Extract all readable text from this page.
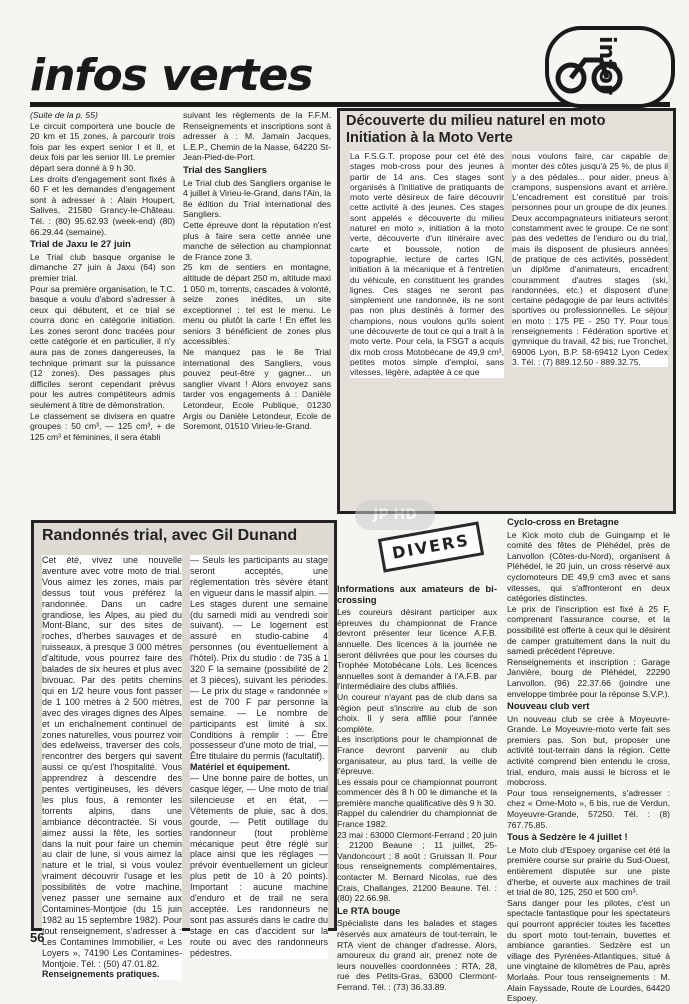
infos vertes	infor

(Suite de la p. 55)

Le circuit comportera une boucle de 20 km et 15 zones, à parcourir trois fois par les expert senior I et II, et deux fois par les senior III. Le premier départ sera donné à 9 h 30.

Les droits d'engagement sont fixés à 60 F et les demandes d'engagement sont à adresser à : Alain Houpert, Salives, 21580 Grancy-le-Château. Tél. : (80) 95.62.93 (week-end) (80) 66.29.44 (semaine).

Trial de Jaxu le 27 juin

Le Trial club basque organise le dimanche 27 juin à Jaxu (64) son premier trial.

Pour sa première organisation, le T.C. basque a voulu d'abord s'adresser à ceux qui débutent, et ce trial se courra donc en catégorie initiation. Les zones seront donc tracées pour cette catégorie et en particulier, il n'y aura pas de zones dangereuses, la technique primant sur la puissance (12 zones). Des passages plus difficiles seront cependant prévus pour les autres compétiteurs admis seulement à titre de démonstration.

Le classement se divisera en quatre groupes : 50 cm³, — 125 cm³, + de 125 cm³ et féminines, il sera établi

suivant les règlements de la F.F.M. Renseignements et inscriptions sont à adresser à : M. Jamain Jacques, L.E.P., Chemin de la Nasse, 64220 St-Jean-Pied-de-Port.

Trial des Sangliers

Le Trial club des Sangliers organise le 4 juillet à Virieu-le-Grand, dans l'Ain, la 8e édition du Trial international des Sangliers.

Cette épreuve dont la réputation n'est plus à faire sera cette année une manche de sélection au championnat de France zone 3.

25 km de sentiers en montagne, altitude de départ 250 m, altitude maxi 1 050 m, torrents, cascades à volonté, seize zones inédites, un site exceptionnel : tel est le menu. Le menu ou plutôt la carte ! En effet les seniors 3 bénéficient de zones plus accessibles.

Ne manquez pas le 8e Trial international des Sangliers, vous pouvez peut-être y gagner... un sanglier vivant ! Alors envoyez sans tarder vos engagements à : Danièle Letondeur, Ecole Publique, 01230 Argis ou Danièle Letondeur, Ecole de Soremont, 01510 Virieu-le-Grand.

Découverte du milieu naturel en moto Initiation à la Moto Verte
La F.S.G.T. propose pour cet été des stages mob-cross pour des jeunes à partir de 14 ans. Ces stages sont organisés à l'initiative de pratiquants de moto verte désireux de faire découvrir cette activité à des jeunes. Ces stages sont appelés « découverte du milieu naturel en moto », initiation à la moto verte, découverte d'un itinéraire avec carte et boussole, notion de topographie, lecture de cartes IGN, initiation à la mécanique et à l'entretien du véhicule, en constituent les grandes lignes. Ces stages ne seront pas simplement une randonnée, ils ne sont pas non plus destinés à former des champions, nous voulons qu'ils soient une découverte de tout ce qui a trait à la moto verte. Pour cela, la FSGT a acquis dix mob cross Motobécane de 49,9 cm³, petites motos simple d'emploi, sans vitesses, légère, adaptée à ce que
nous voulons faire, car capable de monter des côtes jusqu'à 25 %, de plus il y a des pédales... pour aider, pneus à crampons, suspensions avant et arrière. L'encadrement est constitué par trois personnes pour un groupe de dix jeunes. Deux accompagnateurs initiateurs seront constamment avec le groupe. Ce ne sont pas des vedettes de l'enduro ou du trial, mais ils disposent de plusieurs années de pratique de ces activités, possèdent un diplôme d'animateurs, encadrent couramment d'autres stages (ski, randonnées, etc.) et disposent d'une certaine pédagogie de par leurs activités sportives ou professionnelles. Le séjour en moto : 175 PE - 250 TY. Pour tous renseignements : Fédération sportive et gymnique du travail, 42 bis, rue Tronchet, 69006 Lyon, B.P. 58-69412 Lyon Cedex 3. Tél. : (7) 889.12.50 - 889.32.75.
JP HD
DIVERS
Informations aux amateurs de bi-crossing

Les coureurs désirant participer aux épreuves du championnat de France devront présenter leur licence A.F.B. annuelle. Des licences à la journée ne seront délivrées que pour les courses du Trophée Motobécane Lols. Les licences annuelles sont à demander à l'A.F.B. par l'intermédiaire des clubs affiliés.

Un coureur n'ayant pas de club dans sa région peut s'inscrire au club de son choix. Il y sera affilié pour l'année complète.

Les inscriptions pour le championnat de France devront parvenir au club organisateur, au plus tard, la veille de l'épreuve.

Les essais pour ce championnat pourront commencer dès 8 h 00 le dimanche et la première manche qualificative dès 9 h 30.

Rappel du calendrier du championnat de France 1982.

23 mai : 63000 Clermont-Ferrand ; 20 juin : 21200 Beaune ; 11 juillet, 25-Vandoncourt ; 8 août : Gruissan II. Pour tous renseignements complémentaires, contacter M. Bernard Nicolas, rue des Crais, Challanges, 21200 Beaune. Tél. : (80) 22.66.98.

Le RTA bouge

Spécialiste dans les balades et stages réservés aux amateurs de tout-terrain, le RTA vient de changer d'adresse. Alors, amoureux du grand air, prenez note de leurs nouvelles coordonnées : RTA, 28, rue des Petits-Gras, 63000 Clermont-Ferrand. Tél. : (73) 36.33.89.

Cyclo-cross en Bretagne

Le Kick moto club de Guingamp et le comité des fêtes de Pléhédel, près de Lanvollon (Côtes-du-Nord), organisent à Pléhédel, le 20 juin, un cross réservé aux cyclomoteurs DE 49,9 cm3 avec et sans vitesses, qui s'affronteront en deux catégories distinctes.

Le prix de l'inscription est fixé à 25 F, comprenant l'assurance course, et la possibilité est offerte à ceux qui le désirent de camper gratuitement dans la nuit du samedi précédent l'épreuve.

Renseignements et inscription : Garage Janvière, bourg de Pléhédel, 22290 Lanvollon. (96) 22.37.66 (joindre une enveloppe timbrée pour la réponse S.V.P.).

Nouveau club vert

Un nouveau club se crée à Moyeuvre-Grande. Le Moyeuvre-moto verte fait ses premiers pas. Son but, proposer une activité tout-terrain dans la région. Cette activité comprend bien entendu le cross, trial, enduro, mais aussi le bicross et le mobcross.

Pour tous renseignements, s'adresser : chez « Orne-Moto », 6 bis, rue de Verdun, Moyeuvre-Grande, 57250. Tél. : (8) 767.75.85.

Tous à Sedzère le 4 juillet !

Le Moto club d'Espoey organise cet été la première course sur prairie du Sud-Ouest, entièrement disputée sur une piste d'herbe, et ouverte aux machines de trail et trial de 80, 125, 250 et 500 cm³.

Sans danger pour les pilotes, c'est un spectacle fantastique pour les spectateurs qui pourront apprécier toutes les facettes du sport moto tout-terrain, buvettes et ambiance garanties. Sedzère est un village des Pyrénées-Atlantiques, situé à une vingtaine de kilomètres de Pau, après Morlaàs. Pour tous renseignements : M. Alain Fayssade, Route de Lourdes, 64420 Espoey.

Randonnés trial, avec Gil Dunand
Cet été, vivez une nouvelle aventure avec votre moto de trial. Vous aimez les zones, mais par dessus tout vous préférez la randonnée. Dans un cadre grandiose, les Alpes, au pied du Mont-Blanc, sur des sites de roches, d'herbes sauvages et de ruisseaux, à presque 3 000 mètres d'altitude, vous pourrez faire des balades de six heures et plus avec bivouac. Par des petits chemins qui en 1/2 heure vous font passer de 1 100 mètres à 2 500 mètres, avec des virages dignes des Alpes et un enchaînement continuel de zones naturelles, vous pourrez voir des edelweiss, traverser des cols, rencontrer des bergers qui savent aussi ce qu'est l'hospitalité. Vous apprendrez à descendre des pentes vertigineuses, les dévers les plus fous, à remonter les torrents alpins, dans une ambiance décontractée. Si vous aimez aussi la fête, les sorties dans la nuit pour faire un chemin au clair de lune, si vous aimez la nature et le trial, si vous voulez vraiment découvrir l'usage et les possibilités de votre machine, venez passer une semaine aux Contamines-Montjoie (du 15 juin 1982 au 15 septembre 1982). Pour tout renseignement, s'adresser à : Les Contamines Immobilier, « Les Loyers », 74190 Les Contamines-Montjoie. Tél. : (50) 47.01.82.
Renseignements pratiques.
— Seuls les participants au stage seront acceptés, une réglementation très sévère étant en vigueur dans le massif alpin. — Les stages durent une semaine (du samedi midi au vendredi soir suivant). — Le logement est assuré en studio-cabine 4 personnes (ou éventuellement à l'hôtel). Prix du studio : de 735 à 1 320 F la semaine (possibilité de 2 et 3 pièces), suivant les périodes. — Le prix du stage « randonnée » est de 700 F par personne la semaine. — Le nombre de participants est limité à six. Conditions à remplir : — Être possesseur d'une moto de trial, — Être titulaire du permis (facultatif).
Matériel et équipement.
— Une bonne paire de bottes, un casque léger, — Une moto de trial silencieuse et en état, — Vêtements de pluie, sac à dos, gourde, — Petit outillage du randonneur (tout problème mécanique peut être réglé sur place ainsi que les réglages — prévoir éventuellement un gicleur plus petit de 10 à 20 points). Important : aucune machine d'enduro et de trail ne sera acceptée. Les randonneurs ne sont pas assurés dans le cadre du stage en cas d'accident sur la route ou avec des randonneurs pédestres.
56
